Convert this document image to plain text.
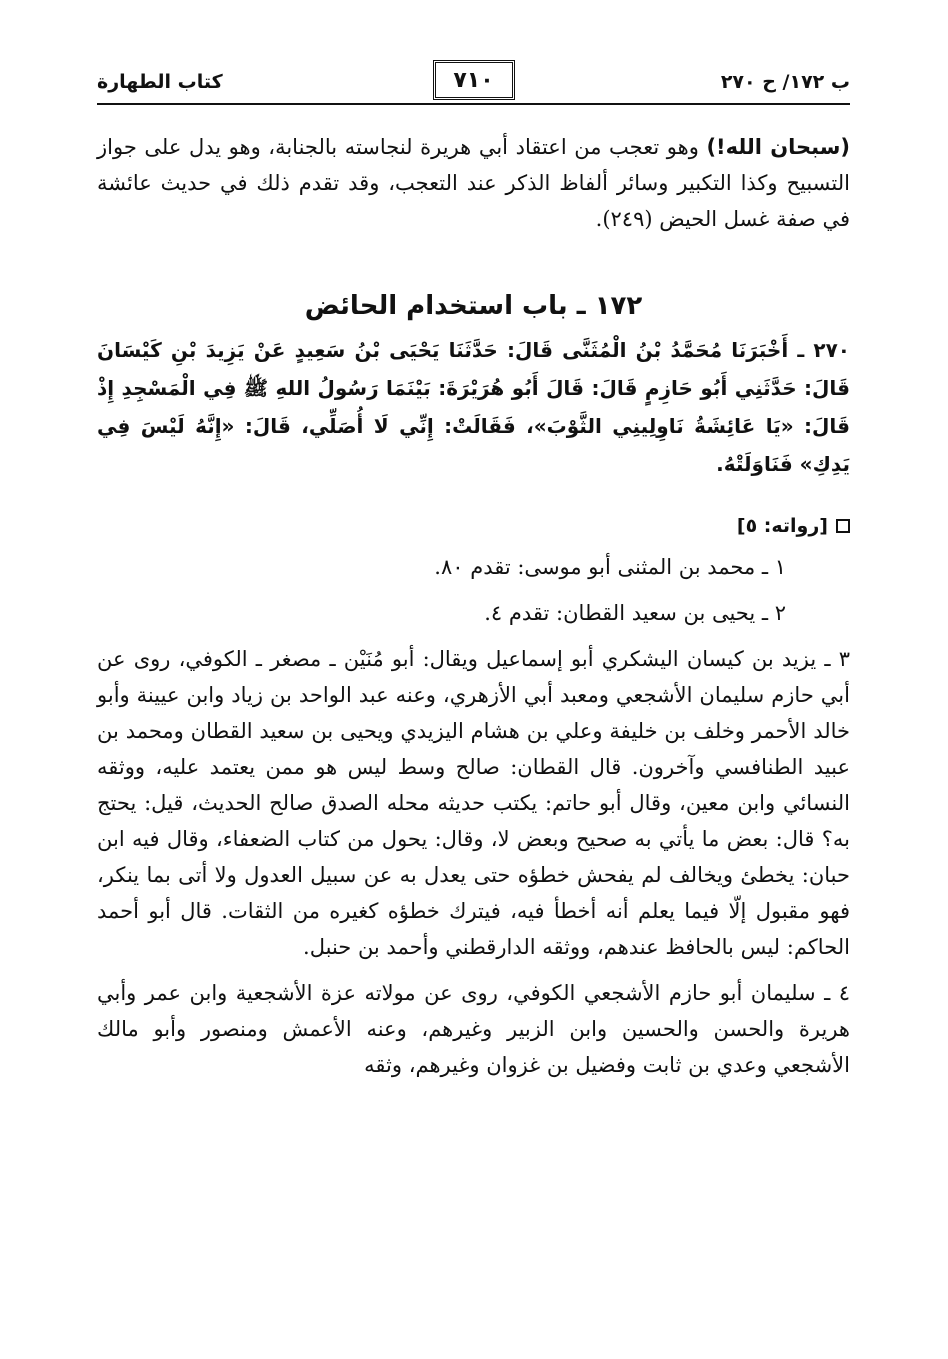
ب ١٧٢/ ح ٢٧٠
٧١٠
كتاب الطهارة

(سبحان الله!) وهو تعجب من اعتقاد أبي هريرة لنجاسته بالجنابة، وهو يدل على جواز التسبيح وكذا التكبير وسائر ألفاظ الذكر عند التعجب، وقد تقدم ذلك في حديث عائشة في صفة غسل الحيض (٢٤٩).

١٧٢ ـ باب استخدام الحائض

٢٧٠ ـ أَخْبَرَنَا مُحَمَّدُ بْنُ الْمُثَنَّى قَالَ: حَدَّثَنَا يَحْيَى بْنُ سَعِيدٍ عَنْ يَزِيدَ بْنِ كَيْسَانَ قَالَ: حَدَّثَنِي أَبُو حَازِمٍ قَالَ: قَالَ أَبُو هُرَيْرَةَ: بَيْنَمَا رَسُولُ اللهِ ﷺ فِي الْمَسْجِدِ إِذْ قَالَ: «يَا عَائِشَةُ نَاوِلِينِي الثَّوْبَ»، فَقَالَتْ: إِنِّي لَا أُصَلِّي، قَالَ: «إِنَّهُ لَيْسَ فِي يَدِكِ» فَنَاوَلَتْهُ.

[رواته: ٥]

١ ـ محمد بن المثنى أبو موسى: تقدم ٨٠.

٢ ـ يحيى بن سعيد القطان: تقدم ٤.

٣ ـ يزيد بن كيسان اليشكري أبو إسماعيل ويقال: أبو مُنَيْن ـ مصغر ـ الكوفي، روى عن أبي حازم سليمان الأشجعي ومعبد أبي الأزهري، وعنه عبد الواحد بن زياد وابن عيينة وأبو خالد الأحمر وخلف بن خليفة وعلي بن هشام اليزيدي ويحيى بن سعيد القطان ومحمد بن عبيد الطنافسي وآخرون. قال القطان: صالح وسط ليس هو ممن يعتمد عليه، ووثقه النسائي وابن معين، وقال أبو حاتم: يكتب حديثه محله الصدق صالح الحديث، قيل: يحتج به؟ قال: بعض ما يأتي به صحيح وبعض لا، وقال: يحول من كتاب الضعفاء، وقال فيه ابن حبان: يخطئ ويخالف لم يفحش خطؤه حتى يعدل به عن سبيل العدول ولا أتى بما ينكر، فهو مقبول إلّا فيما يعلم أنه أخطأ فيه، فيترك خطؤه كغيره من الثقات. قال أبو أحمد الحاكم: ليس بالحافظ عندهم، ووثقه الدارقطني وأحمد بن حنبل.

٤ ـ سليمان أبو حازم الأشجعي الكوفي، روى عن مولاته عزة الأشجعية وابن عمر وأبي هريرة والحسن والحسين وابن الزبير وغيرهم، وعنه الأعمش ومنصور وأبو مالك الأشجعي وعدي بن ثابت وفضيل بن غزوان وغيرهم، وثقه
